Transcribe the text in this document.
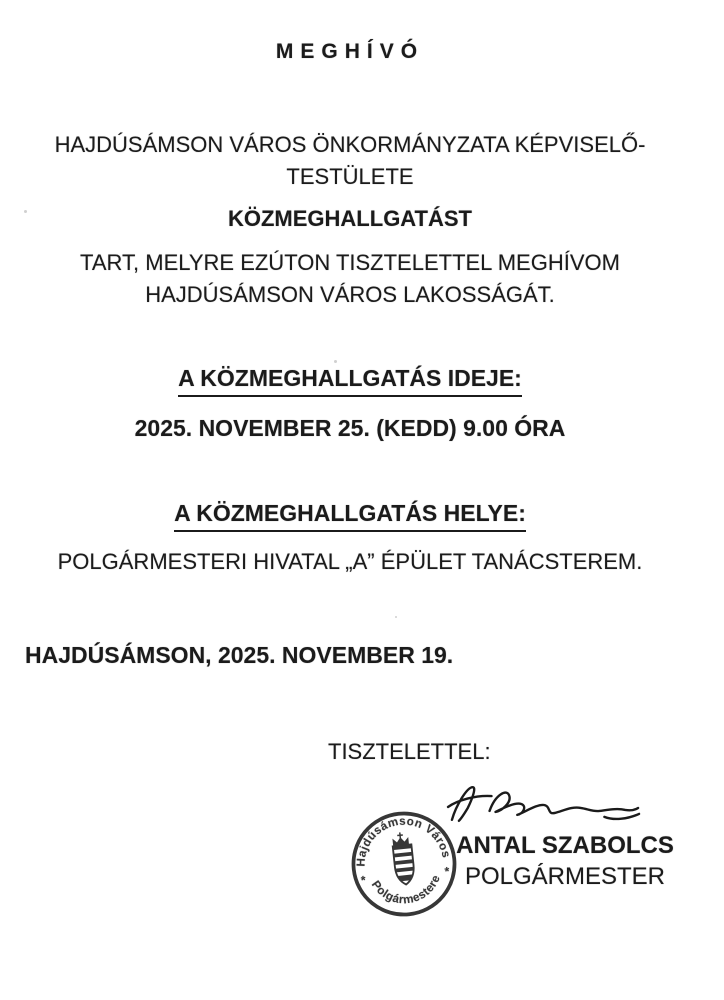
MEGHÍVÓ
HAJDÚSÁMSON VÁROS ÖNKORMÁNYZATA KÉPVISELŐ-
TESTÜLETE
KÖZMEGHALLGATÁST
TART, MELYRE EZÚTON TISZTELETTEL MEGHÍVOM
HAJDÚSÁMSON VÁROS LAKOSSÁGÁT.
A KÖZMEGHALLGATÁS IDEJE:
2025. NOVEMBER 25. (KEDD) 9.00 ÓRA
A KÖZMEGHALLGATÁS HELYE:
POLGÁRMESTERI HIVATAL „A” ÉPÜLET TANÁCSTEREM.
HAJDÚSÁMSON, 2025. NOVEMBER 19.
TISZTELETTEL:
Hajdúsámson Város
Polgármestere
*
*
ANTAL SZABOLCS
POLGÁRMESTER
